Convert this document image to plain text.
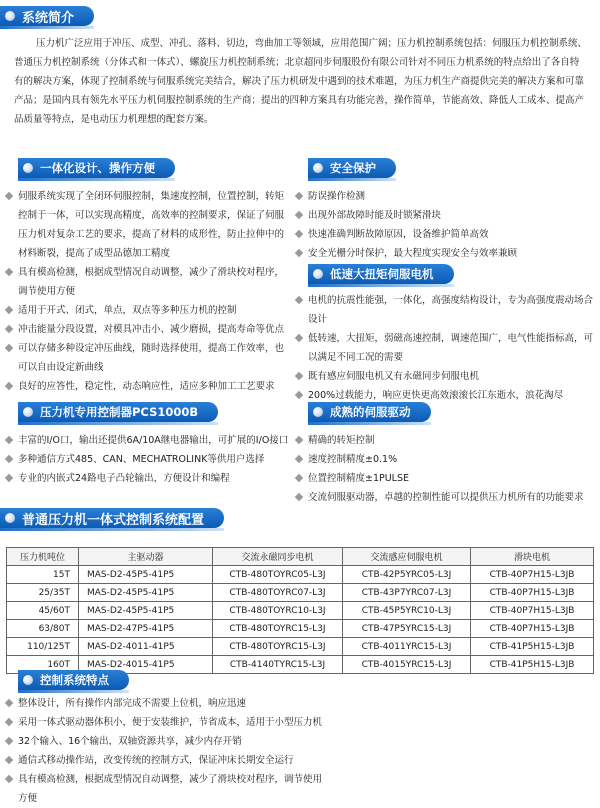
系统简介

压力机广泛应用于冲压、成型、冲孔、落料、切边，弯曲加工等领域，应用范围广阔；压力机控制系统包括：伺服压力机控制系统、普通压力机控制系统（分体式和一体式）、螺旋压力机控制系统；北京超同步伺服股份有限公司针对不同压力机系统的特点给出了各自特有的解决方案，体现了控制系统与伺服系统完美结合，解决了压力机研发中遇到的技术难题，为压力机生产商提供完美的解决方案和可靠产品；是国内具有领先水平压力机伺服控制系统的生产商；提出的四种方案具有功能完善，操作简单，节能高效、降低人工成本、提高产品质量等特点，是电动压力机理想的配套方案。

一体化设计、操作方便
伺服系统实现了全闭环伺服控制，集速度控制，位置控制，转矩控制于一体，可以实现高精度，高效率的控制要求，保证了伺服压力机对复杂工艺的要求，提高了材料的成形性，防止拉伸中的材料断裂，提高了成型品德加工精度
具有模高检测，根据成型情况自动调整，减少了滑块校对程序，调节使用方便
适用于开式、闭式，单点，双点等多种压力机的控制
冲击能量分段设置，对模具冲击小、减少磨损，提高寿命等优点
可以存储多种设定冲压曲线，随时选择使用，提高工作效率，也可以自由设定新曲线
良好的应答性，稳定性，动态响应性，适应多种加工工艺要求
安全保护
防误操作检测
出现外部故障时能及时锁紧滑块
快速准确判断故障原因，设备维护简单高效
安全光栅分时保护，最大程度实现安全与效率兼顾
低速大扭矩伺服电机
电机的抗震性能强，一体化，高强度结构设计，专为高强度震动场合设计
低转速，大扭矩，弱磁高速控制，调速范围广，电气性能指标高，可以满足不同工况的需要
既有感应伺服电机又有永磁同步伺服电机
200%过载能力，响应更快更高效滚滚长江东逝水，浪花淘尽
压力机专用控制器PCS1000B
丰富的I/O口，输出还提供6A/10A继电器输出，可扩展的I/O接口
多种通信方式485、CAN、MECHATROLINK等供用户选择
专业的内嵌式24路电子凸轮输出，方便设计和编程
成熟的伺服驱动
精确的转矩控制
速度控制精度±0.1%
位置控制精度±1PULSE
交流伺服驱动器，卓越的控制性能可以提供压力机所有的功能要求
普通压力机一体式控制系统配置
压力机吨位	主驱动器	交流永磁同步电机	交流感应伺服电机	滑块电机
15T	MAS-D2-45P5-41P5	CTB-480TOYRC05-L3J	CTB-42P5YRC05-L3J	CTB-40P7H15-L3JB
25/35T	MAS-D2-45P5-41P5	CTB-480TOYRC07-L3J	CTB-43P7YRC07-L3J	CTB-40P7H15-L3JB
45/60T	MAS-D2-45P5-41P5	CTB-480TOYRC10-L3J	CTB-45P5YRC10-L3J	CTB-40P7H15-L3JB
63/80T	MAS-D2-47P5-41P5	CTB-480TOYRC15-L3J	CTB-47P5YRC15-L3J	CTB-40P7H15-L3JB
110/125T	MAS-D2-4011-41P5	CTB-480TOYRC15-L3J	CTB-4011YRC15-L3J	CTB-41P5H15-L3JB
160T	MAS-D2-4015-41P5	CTB-4140TYRC15-L3J	CTB-4015YRC15-L3J	CTB-41P5H15-L3JB
控制系统特点
整体设计，所有操作内部完成不需要上位机，响应迅速
采用一体式驱动器体积小，便于安装维护，节省成本，适用于小型压力机
32个输入、16个输出，双轴资源共享，减少内存开销
通信式移动操作站，改变传统的控制方式，保证冲床长期安全运行
具有模高检测，根据成型情况自动调整，减少了滑块校对程序，调节使用方便
